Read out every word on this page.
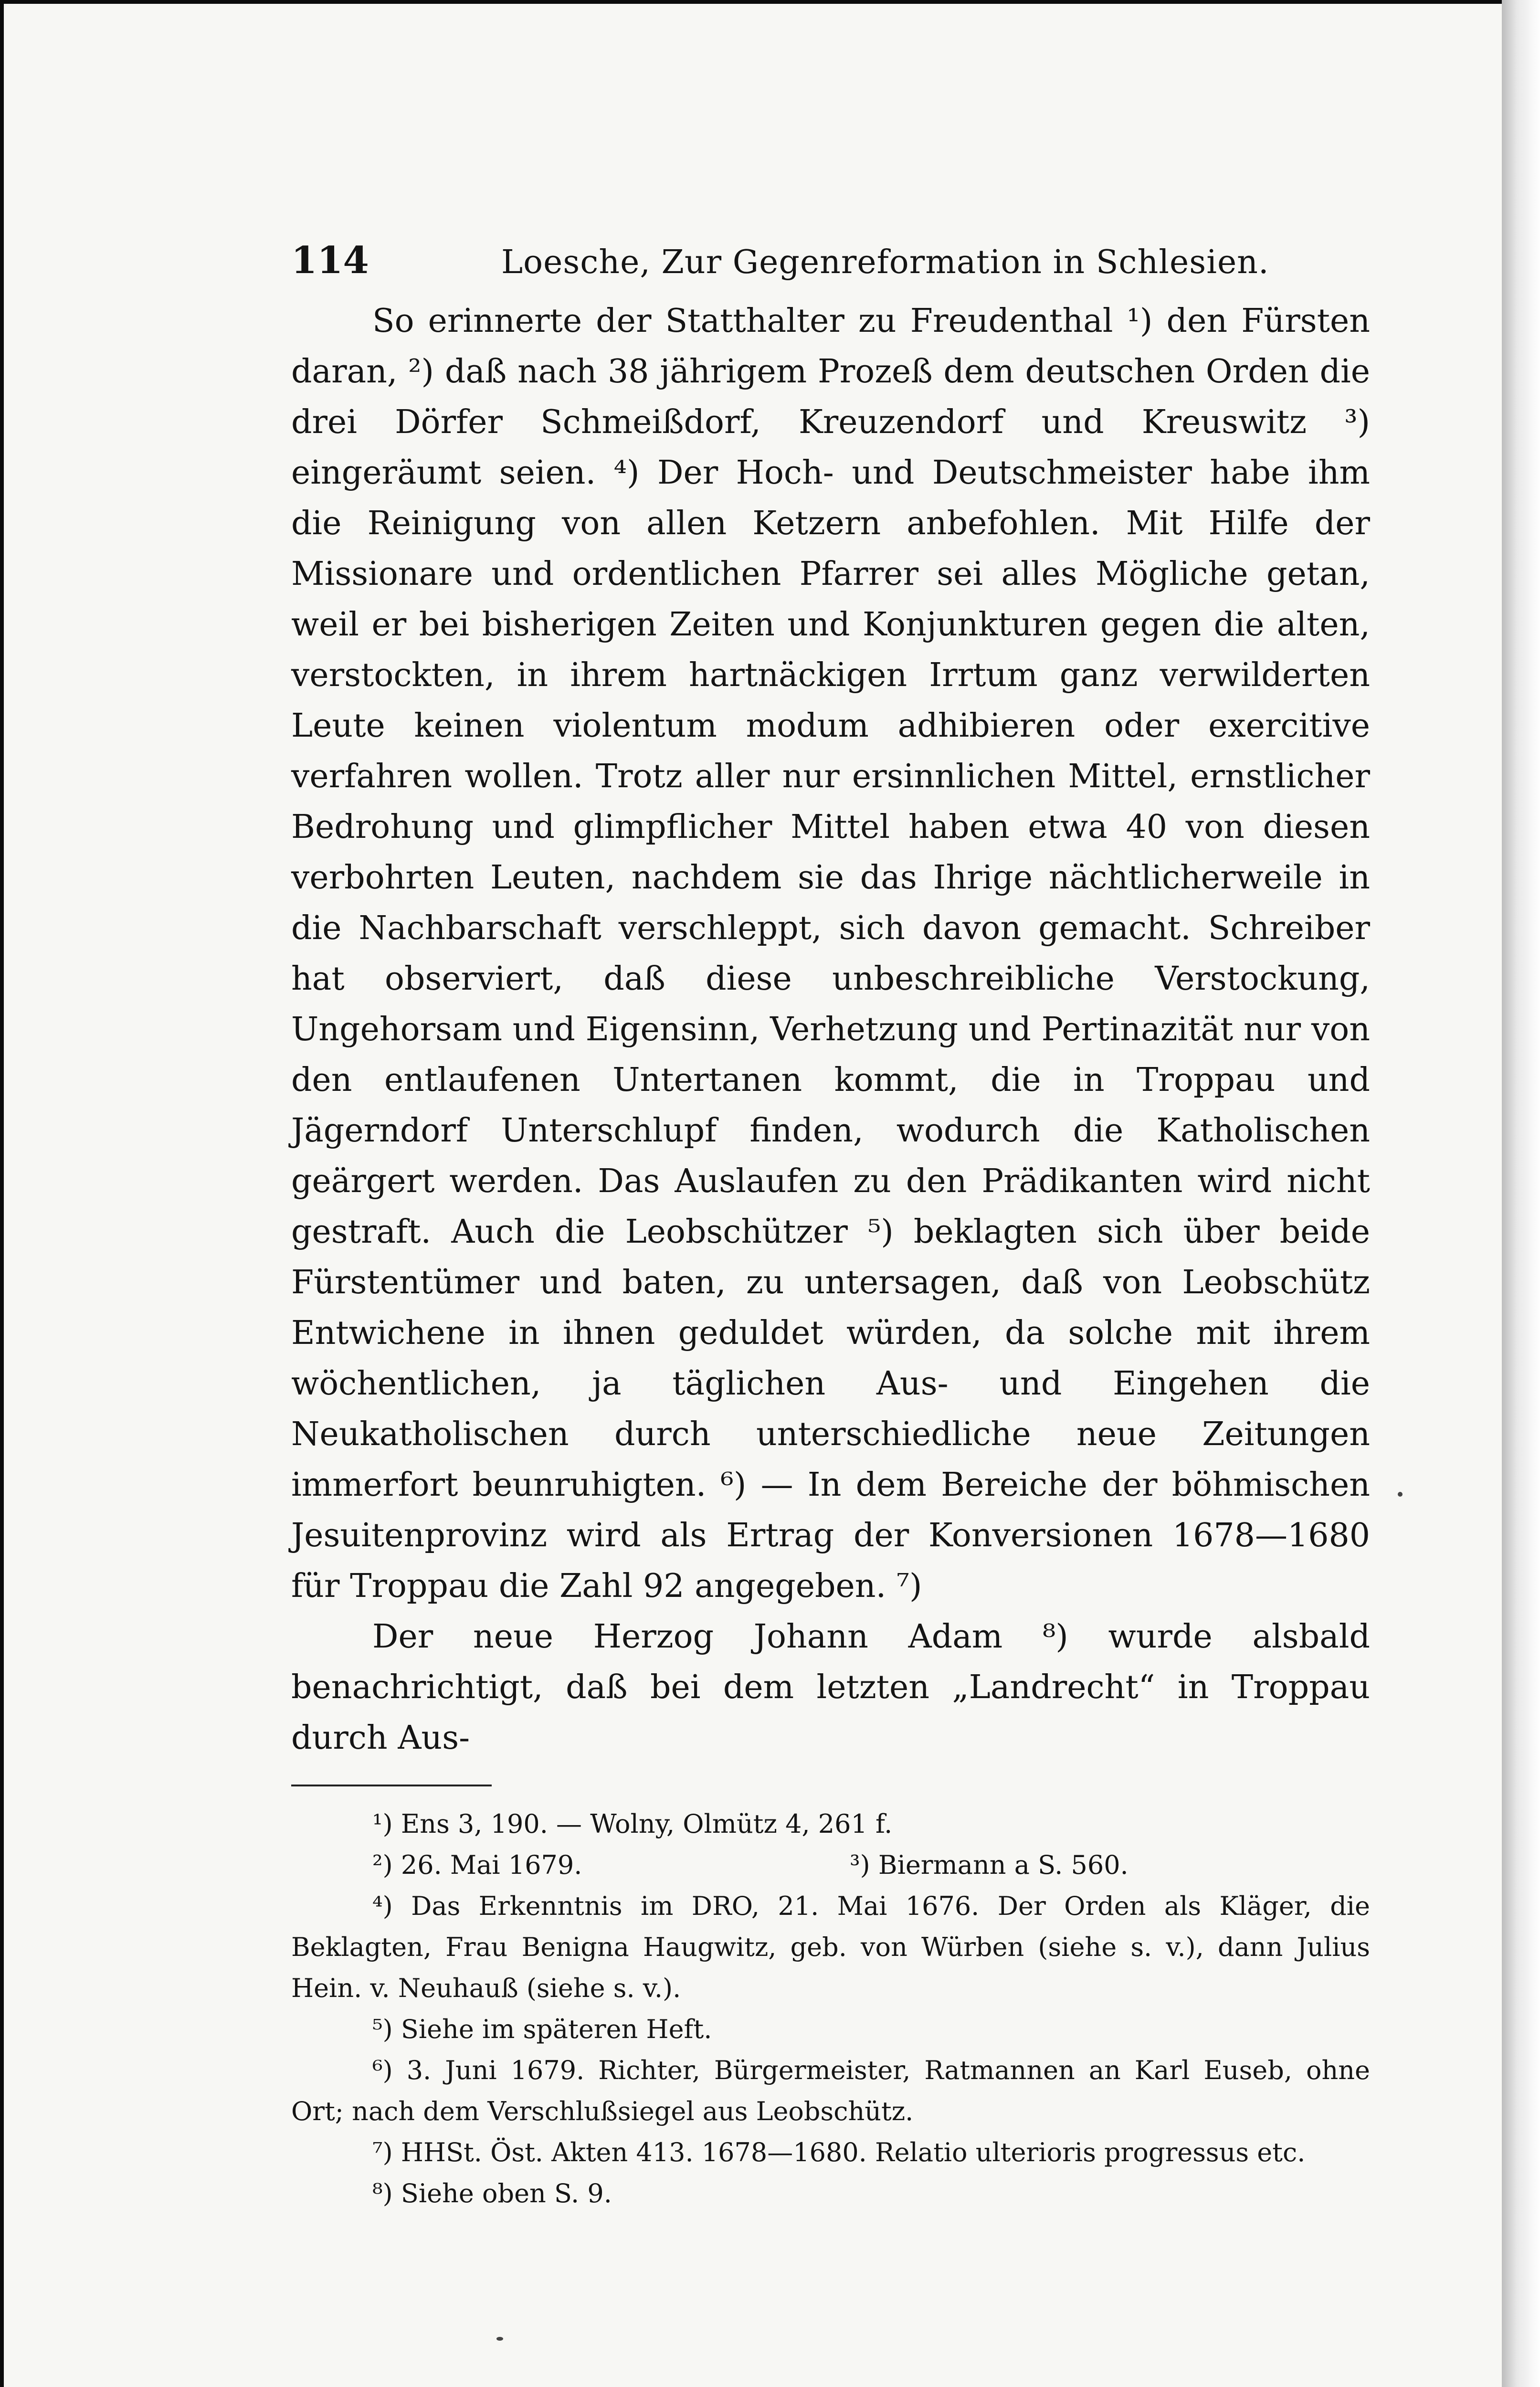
114	Loesche, Zur Gegenreformation in Schlesien.

So erinnerte der Statthalter zu Freudenthal ¹) den Fürsten daran, ²) daß nach 38 jährigem Prozeß dem deutschen Orden die drei Dörfer Schmeißdorf, Kreuzendorf und Kreuswitz ³) eingeräumt seien. ⁴) Der Hoch- und Deutschmeister habe ihm die Reinigung von allen Ketzern anbefohlen. Mit Hilfe der Missionare und ordentlichen Pfarrer sei alles Mögliche getan, weil er bei bisherigen Zeiten und Konjunkturen gegen die alten, verstockten, in ihrem hartnäckigen Irrtum ganz verwilderten Leute keinen violentum modum adhibieren oder exercitive verfahren wollen. Trotz aller nur ersinnlichen Mittel, ernstlicher Bedrohung und glimpflicher Mittel haben etwa 40 von diesen verbohrten Leuten, nachdem sie das Ihrige nächtlicherweile in die Nachbarschaft verschleppt, sich davon gemacht. Schreiber hat observiert, daß diese unbeschreibliche Verstockung, Ungehorsam und Eigensinn, Verhetzung und Pertinazität nur von den entlaufenen Untertanen kommt, die in Troppau und Jägerndorf Unterschlupf finden, wodurch die Katholischen geärgert werden. Das Auslaufen zu den Prädikanten wird nicht gestraft. Auch die Leobschützer ⁵) beklagten sich über beide Fürstentümer und baten, zu untersagen, daß von Leobschütz Entwichene in ihnen geduldet würden, da solche mit ihrem wöchentlichen, ja täglichen Aus- und Eingehen die Neukatholischen durch unterschiedliche neue Zeitungen immerfort beunruhigten. ⁶) — In dem Bereiche der böhmischen Jesuitenprovinz wird als Ertrag der Konversionen 1678—1680 für Troppau die Zahl 92 angegeben. ⁷)

Der neue Herzog Johann Adam ⁸) wurde alsbald benachrichtigt, daß bei dem letzten „Landrecht“ in Troppau durch Aus-

¹) Ens 3, 190. — Wolny, Olmütz 4, 261 f.

²) 26. Mai 1679.	³) Biermann a S. 560.

⁴) Das Erkenntnis im DRO, 21. Mai 1676. Der Orden als Kläger, die Beklagten, Frau Benigna Haugwitz, geb. von Würben (siehe s. v.), dann Julius Hein. v. Neuhauß (siehe s. v.).

⁵) Siehe im späteren Heft.

⁶) 3. Juni 1679. Richter, Bürgermeister, Ratmannen an Karl Euseb, ohne Ort; nach dem Verschlußsiegel aus Leobschütz.

⁷) HHSt. Öst. Akten 413. 1678—1680. Relatio ulterioris progressus etc.

⁸) Siehe oben S. 9.
